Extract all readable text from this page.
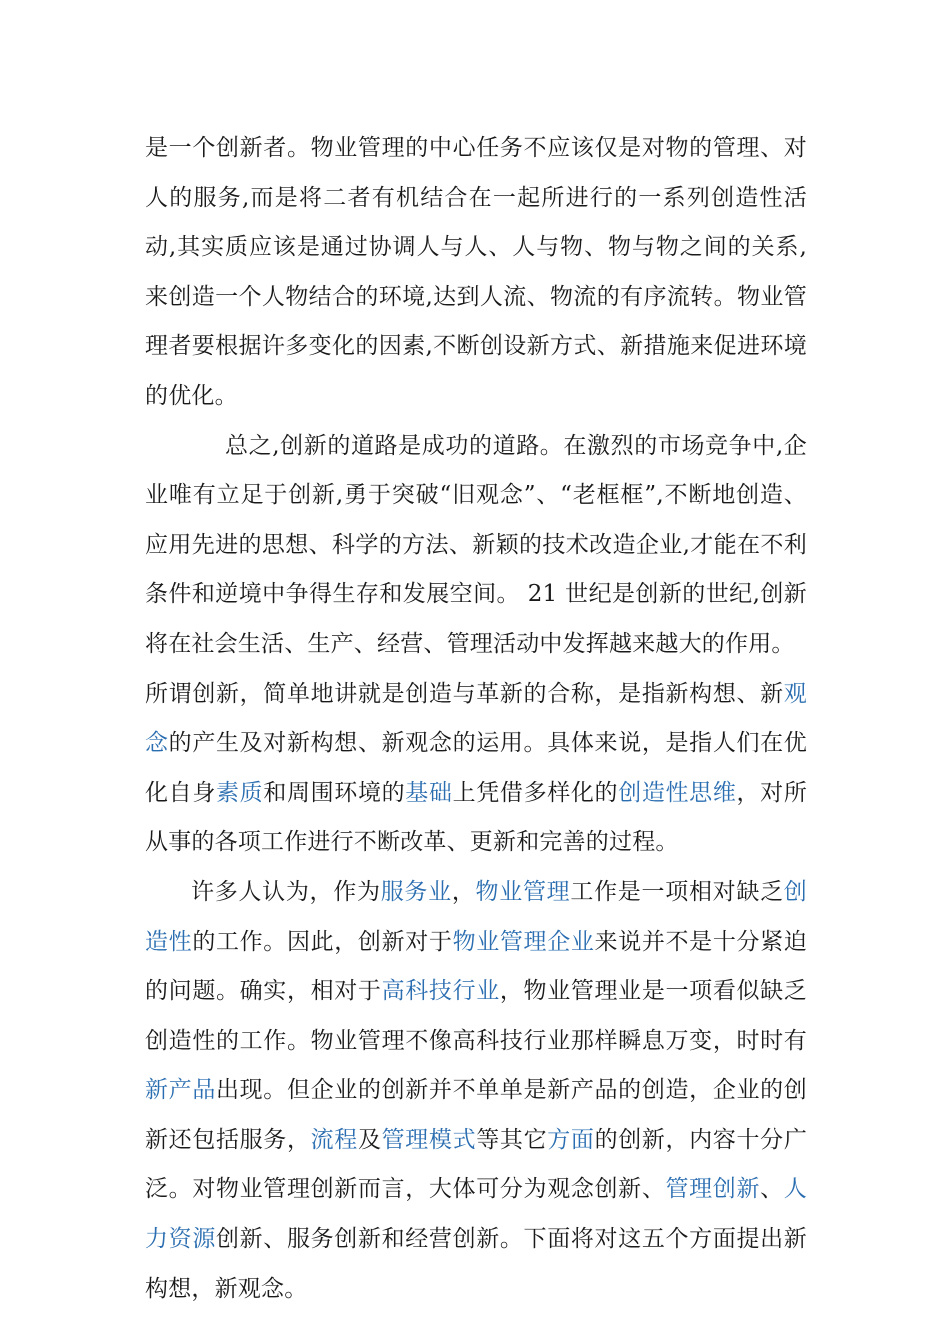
是一个创新者。物业管理的中心任务不应该仅是对物的管理、对人的服务,而是将二者有机结合在一起所进行的一系列创造性活动,其实质应该是通过协调人与人、人与物、物与物之间的关系,来创造一个人物结合的环境,达到人流、物流的有序流转。物业管理者要根据许多变化的因素,不断创设新方式、新措施来促进环境的优化。

总之,创新的道路是成功的道路。在激烈的市场竞争中,企业唯有立足于创新,勇于突破“旧观念”、“老框框”,不断地创造、应用先进的思想、科学的方法、新颖的技术改造企业,才能在不利条件和逆境中争得生存和发展空间。 21 世纪是创新的世纪,创新将在社会生活、生产、经营、管理活动中发挥越来越大的作用。

所谓创新，简单地讲就是创造与革新的合称，是指新构想、新观念的产生及对新构想、新观念的运用。具体来说，是指人们在优化自身素质和周围环境的基础上凭借多样化的创造性思维，对所从事的各项工作进行不断改革、更新和完善的过程。

许多人认为，作为服务业，物业管理工作是一项相对缺乏创造性的工作。因此，创新对于物业管理企业来说并不是十分紧迫的问题。确实，相对于高科技行业，物业管理业是一项看似缺乏创造性的工作。物业管理不像高科技行业那样瞬息万变，时时有新产品出现。但企业的创新并不单单是新产品的创造，企业的创新还包括服务，流程及管理模式等其它方面的创新，内容十分广泛。对物业管理创新而言，大体可分为观念创新、管理创新、人力资源创新、服务创新和经营创新。下面将对这五个方面提出新构想，新观念。
